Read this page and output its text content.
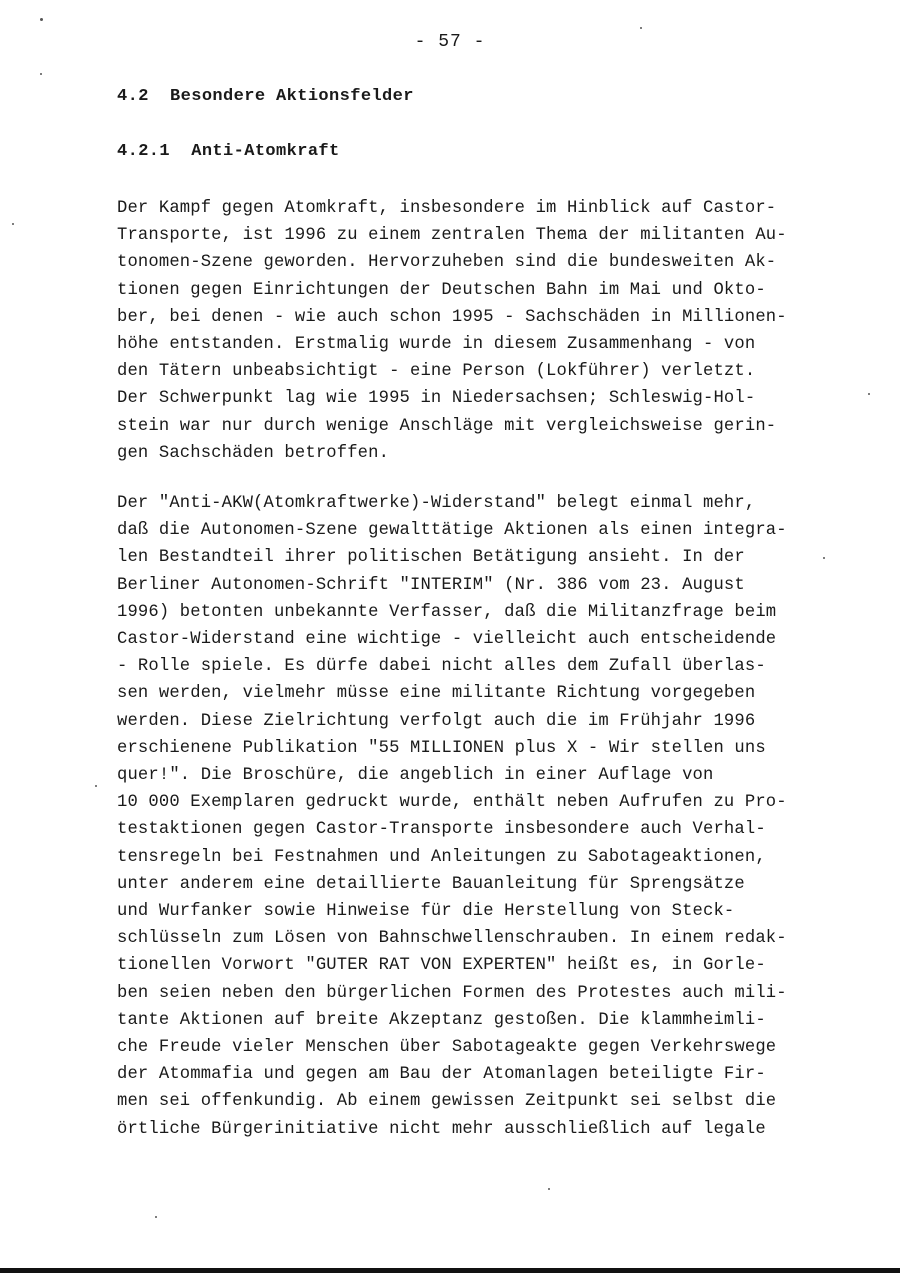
- 57 -
4.2  Besondere Aktionsfelder
4.2.1  Anti-Atomkraft
Der Kampf gegen Atomkraft, insbesondere im Hinblick auf Castor-
Transporte, ist 1996 zu einem zentralen Thema der militanten Au-
tonomen-Szene geworden. Hervorzuheben sind die bundesweiten Ak-
tionen gegen Einrichtungen der Deutschen Bahn im Mai und Okto-
ber, bei denen - wie auch schon 1995 - Sachschäden in Millionen-
höhe entstanden. Erstmalig wurde in diesem Zusammenhang - von
den Tätern unbeabsichtigt - eine Person (Lokführer) verletzt.
Der Schwerpunkt lag wie 1995 in Niedersachsen; Schleswig-Hol-
stein war nur durch wenige Anschläge mit vergleichsweise gerin-
gen Sachschäden betroffen.
Der "Anti-AKW(Atomkraftwerke)-Widerstand" belegt einmal mehr,
daß die Autonomen-Szene gewalttätige Aktionen als einen integra-
len Bestandteil ihrer politischen Betätigung ansieht. In der
Berliner Autonomen-Schrift "INTERIM" (Nr. 386 vom 23. August
1996) betonten unbekannte Verfasser, daß die Militanzfrage beim
Castor-Widerstand eine wichtige - vielleicht auch entscheidende
- Rolle spiele. Es dürfe dabei nicht alles dem Zufall überlas-
sen werden, vielmehr müsse eine militante Richtung vorgegeben
werden. Diese Zielrichtung verfolgt auch die im Frühjahr 1996
erschienene Publikation "55 MILLIONEN plus X - Wir stellen uns
quer!". Die Broschüre, die angeblich in einer Auflage von
10 000 Exemplaren gedruckt wurde, enthält neben Aufrufen zu Pro-
testaktionen gegen Castor-Transporte insbesondere auch Verhal-
tensregeln bei Festnahmen und Anleitungen zu Sabotageaktionen,
unter anderem eine detaillierte Bauanleitung für Sprengsätze
und Wurfanker sowie Hinweise für die Herstellung von Steck-
schlüsseln zum Lösen von Bahnschwellenschrauben. In einem redak-
tionellen Vorwort "GUTER RAT VON EXPERTEN" heißt es, in Gorle-
ben seien neben den bürgerlichen Formen des Protestes auch mili-
tante Aktionen auf breite Akzeptanz gestoßen. Die klammheimli-
che Freude vieler Menschen über Sabotageakte gegen Verkehrswege
der Atommafia und gegen am Bau der Atomanlagen beteiligte Fir-
men sei offenkundig. Ab einem gewissen Zeitpunkt sei selbst die
örtliche Bürgerinitiative nicht mehr ausschließlich auf legale
